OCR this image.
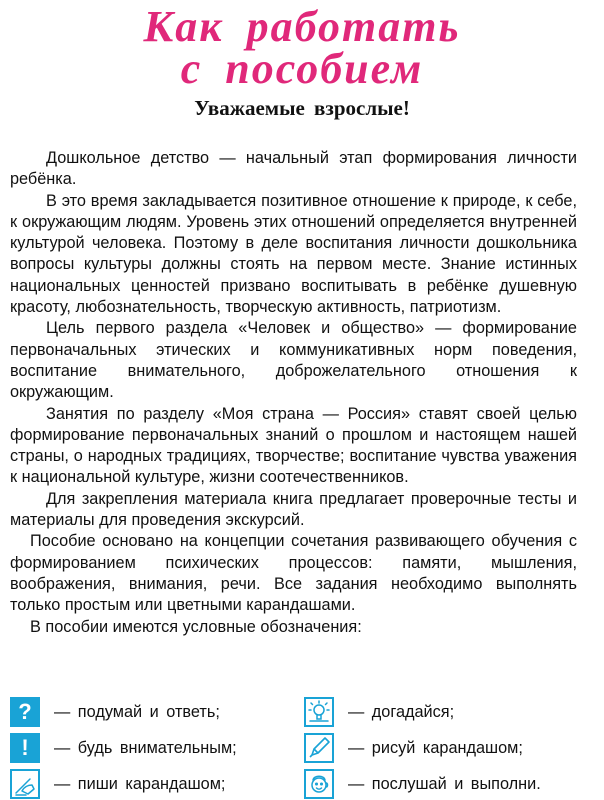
Как работать
с пособием
Уважаемые взрослые!

Дошкольное детство — начальный этап формирования личности ребёнка.

В это время закладывается позитивное отношение к природе, к себе, к окружающим людям. Уровень этих отношений определяется внутренней культурой человека. Поэтому в деле воспитания личности дошкольника вопросы культуры должны стоять на первом месте. Знание истинных национальных ценностей призвано воспитывать в ребёнке душевную красоту, любознательность, творческую активность, патриотизм.

Цель первого раздела «Человек и общество» — формирование первоначальных этических и коммуникативных норм поведения, воспитание внимательного, доброжелательного отношения к окружающим.

Занятия по разделу «Моя страна — Россия» ставят своей целью формирование первоначальных знаний о прошлом и настоящем нашей страны, о народных традициях, творчестве; воспитание чувства уважения к национальной культуре, жизни соотечественников.

Для закрепления материала книга предлагает проверочные тесты и материалы для проведения экскурсий.

Пособие основано на концепции сочетания развивающего обучения с формированием психических процессов: памяти, мышления, воображения, внимания, речи. Все задания необходимо выполнять только простым или цветными карандашами.

В пособии имеются условные обозначения:

? — подумай и ответь;	— догадайся;
! — будь внимательным;	— рисуй карандашом;
— пиши карандашом;	— послушай и выполни.
